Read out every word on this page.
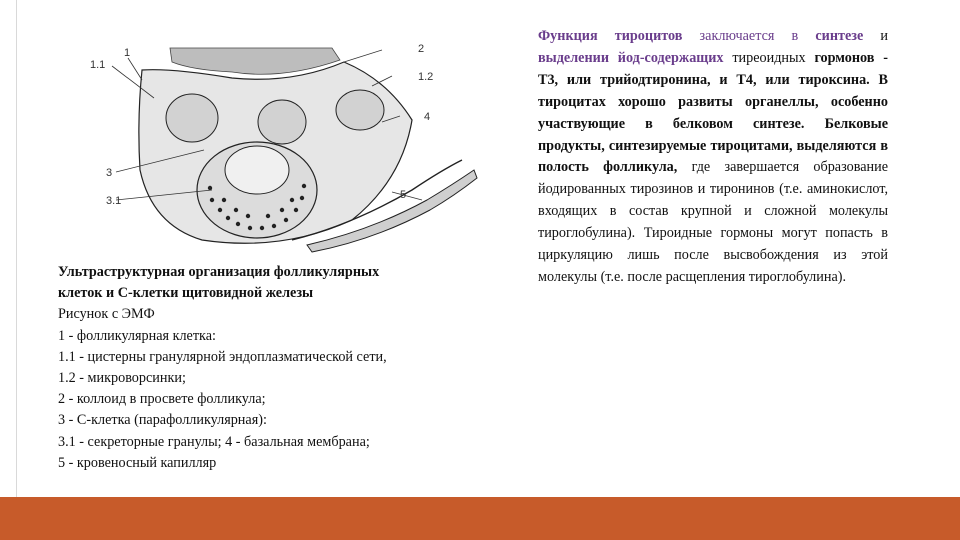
1	2
1.1
1.2
4
3
3.1	5

Ультраструктурная организация фолликулярных

клеток и С-клетки щитовидной железы

Рисунок с ЭМФ

1 - фолликулярная клетка:

1.1 - цистерны гранулярной эндоплазматической сети,

1.2 - микроворсинки;

2 - коллоид в просвете фолликула;

3 - С-клетка (парафолликулярная):

3.1 - секреторные гранулы; 4 - базальная мембрана;

5 - кровеносный капилляр

Функция тироцитов заключается в синтезе и выделении йод-содержащих тиреоидных гормонов - Т3, или трийодтиронина, и Т4, или тироксина. В тироцитах хорошо развиты органеллы, особенно участвующие в белковом синтезе. Белковые продукты, синтезируемые тироцитами, выделяются в полость фолликула, где завершается образование йодированных тирозинов и тиронинов (т.е. аминокислот, входящих в состав крупной и сложной молекулы тироглобулина). Тироидные гормоны могут попасть в циркуляцию лишь после высвобождения из этой молекулы (т.е. после расщепления тироглобулина).
